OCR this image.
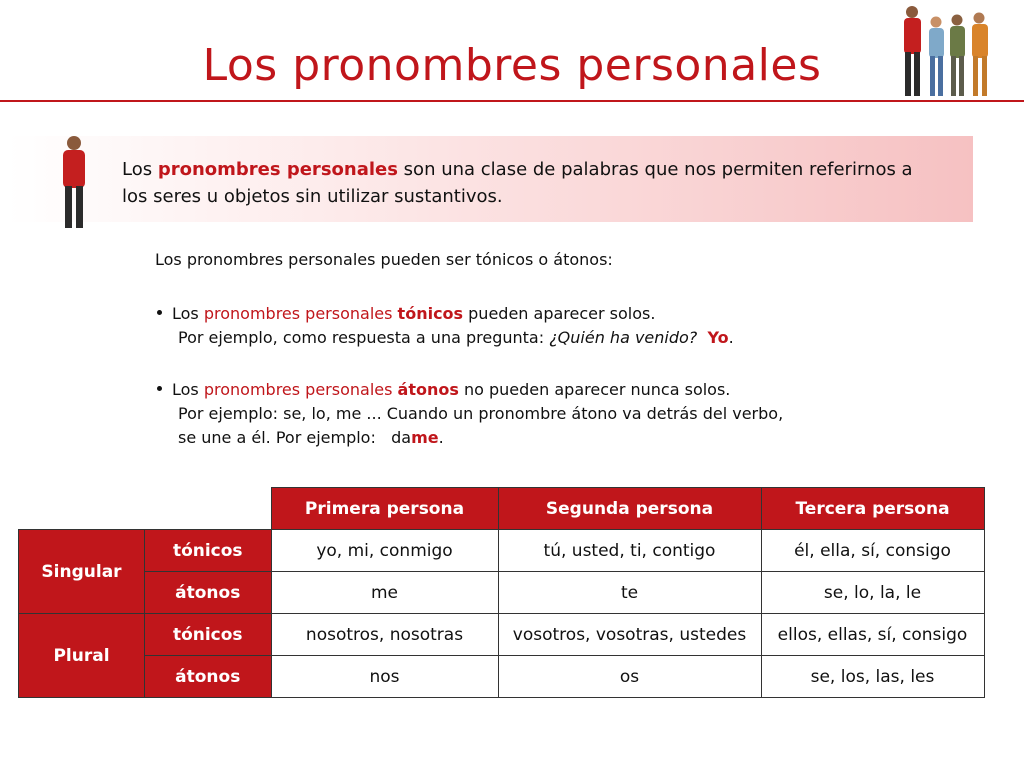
Los pronombres personales
Los pronombres personales son una clase de palabras que nos permiten referirnos a los seres u objetos sin utilizar sustantivos.
Los pronombres personales pueden ser tónicos o átonos:
Los pronombres personales tónicos pueden aparecer solos.
Por ejemplo, como respuesta a una pregunta: ¿Quién ha venido? Yo.
Los pronombres personales átonos no pueden aparecer nunca solos.
Por ejemplo: se, lo, me ... Cuando un pronombre átono va detrás del verbo,
se une a él. Por ejemplo:   dame.
		Primera persona	Segunda persona	Tercera persona
Singular	tónicos	yo, mi, conmigo	tú, usted, ti, contigo	él, ella, sí, consigo
	átonos	me	te	se, lo, la, le
Plural	tónicos	nosotros, nosotras	vosotros, vosotras, ustedes	ellos, ellas, sí, consigo
	átonos	nos	os	se, los, las, les
